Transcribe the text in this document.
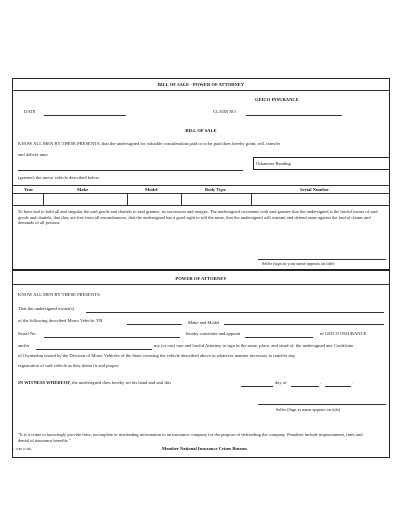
BILL OF SALE - POWER OF ATTORNEY
GEICO INSURANCE
DATE	CLAIM NO.
BILL OF SALE
KNOW ALL MEN BY THESE PRESENTS, that the undersigned for valuable consideration paid or to be paid does hereby grant, sell, transfer
and deliver unto
Odometer Reading
(grantee) the motor vehicle described below:
Year	Make	Model	Body Type	Serial Number
To have and to hold all and singular the said goods and chattels to said grantee, its successors and assigns. The undersigned covenants with said grantee that the undersigned is the lawful owner of said goods and chattels, that they are free from all encumbrances, that the undersigned has a good right to sell the same, that the undersigned will warrant and defend same against the lawful claims and demands of all persons.
Seller (sign as your name appears on title)
POWER OF ATTORNEY
KNOW ALL MEN BY THESE PRESENTS:
That the undersigned owner(s)
of the following described Motor Vehicle, YR	Make and Model
Serial No.	hereby constitute and appoint	of GEICO INSURANCE
and/or	my (or our) true and lawful Attorney to sign in the same, place, and stead of, the undersigned any Certificate
of Ownership issued by the Division of Motor Vehicles of the State covering the vehicle described above in whatever manner necessary to transfer any
registration of said vehicle as they deem fit and proper.
IN WITNESS WHEREOF, the undersigned does hereby set his hand and seal this	day of	,	.
Seller (Sign as name appears on title)
"It is a crime to knowingly provide false, incomplete or misleading information to an insurance company for the purpose of defrauding the company. Penalties include imprisonment, fines and denial of insurance benefits."
C-1186 (3-99)	Member National Insurance Crime Bureau
